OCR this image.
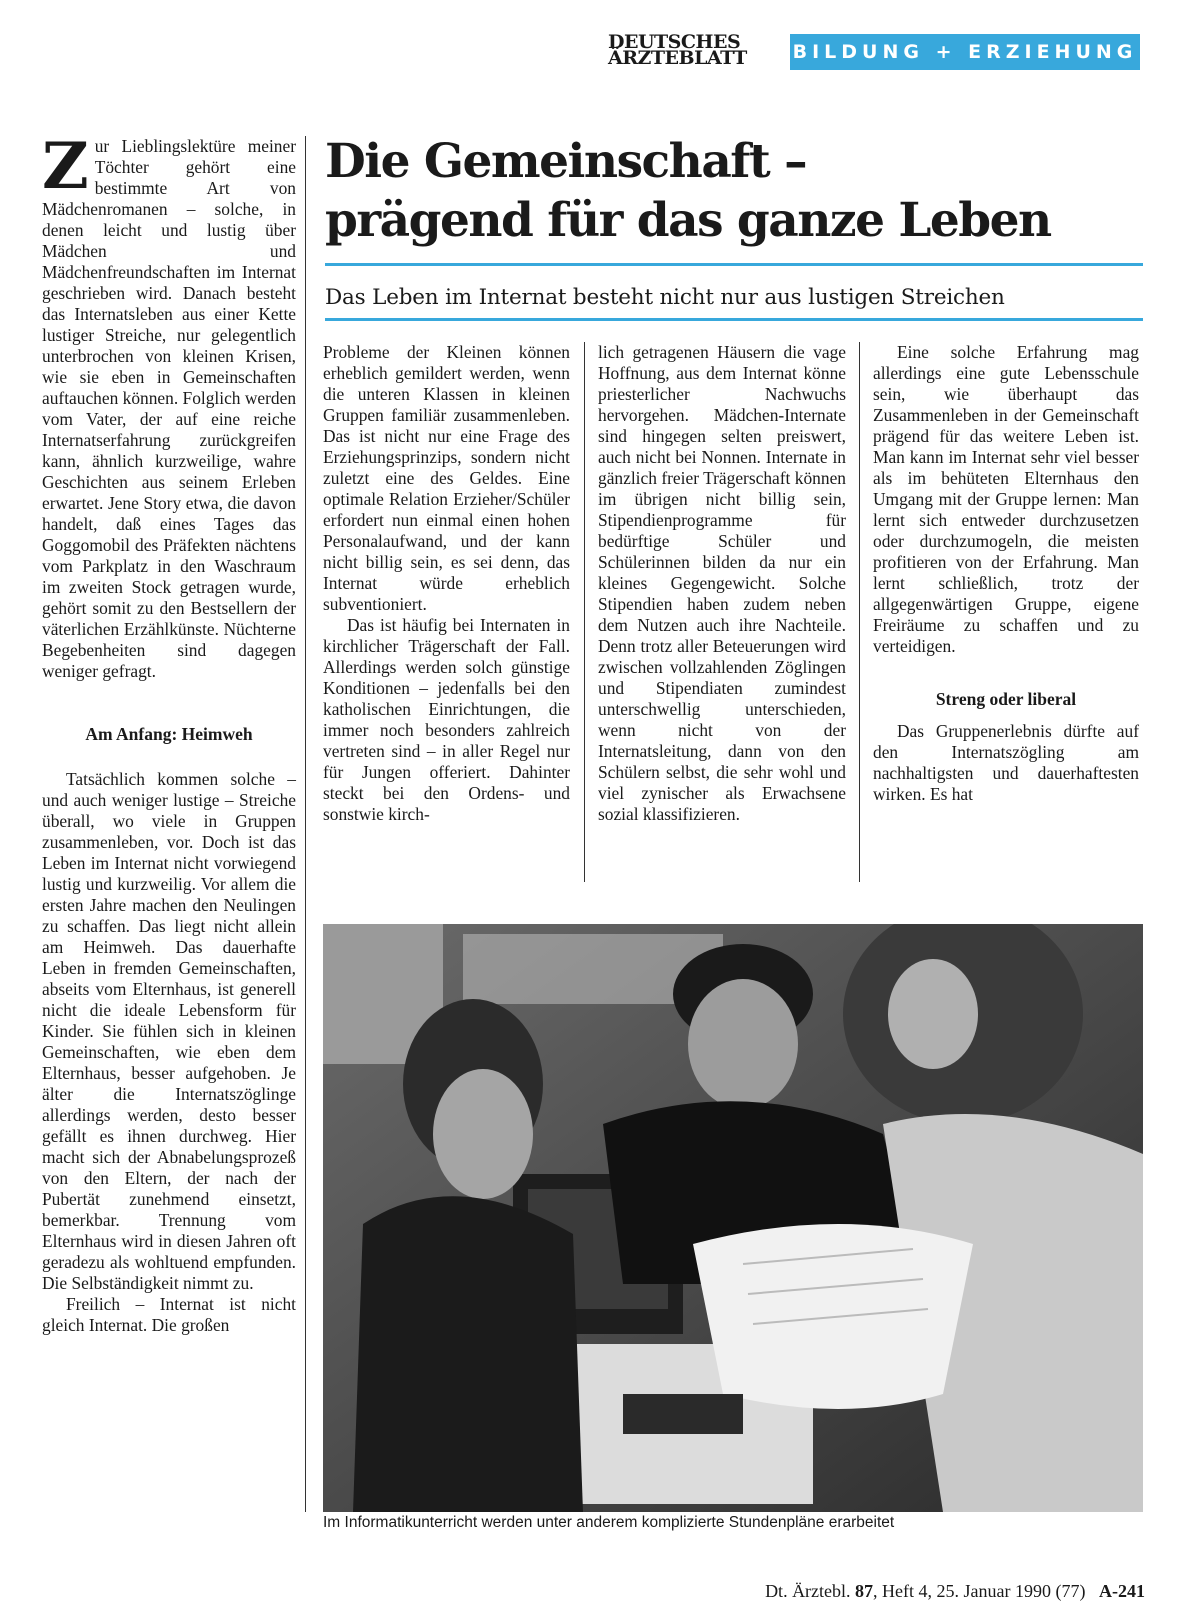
DEUTSCHES
ÄRZTEBLATT	BILDUNG + ERZIEHUNG
Die Gemeinschaft –
prägend für das ganze Leben
Das Leben im Internat besteht nicht nur aus lustigen Streichen

Zur Lieblingslektüre meiner Töchter gehört eine bestimmte Art von Mädchenromanen – solche, in denen leicht und lustig über Mädchen und Mädchenfreundschaften im Internat geschrieben wird. Danach besteht das Internatsleben aus einer Kette lustiger Streiche, nur gelegentlich unterbrochen von kleinen Krisen, wie sie eben in Gemeinschaften auftauchen können. Folglich werden vom Vater, der auf eine reiche Internatserfahrung zurückgreifen kann, ähnlich kurzweilige, wahre Geschichten aus seinem Erleben erwartet. Jene Story etwa, die davon handelt, daß eines Tages das Goggomobil des Präfekten nächtens vom Parkplatz in den Waschraum im zweiten Stock getragen wurde, gehört somit zu den Bestsellern der väterlichen Erzählkünste. Nüchterne Begebenheiten sind dagegen weniger gefragt.

Am Anfang: Heimweh

Tatsächlich kommen solche – und auch weniger lustige – Streiche überall, wo viele in Gruppen zusammenleben, vor. Doch ist das Leben im Internat nicht vorwiegend lustig und kurzweilig. Vor allem die ersten Jahre machen den Neulingen zu schaffen. Das liegt nicht allein am Heimweh. Das dauerhafte Leben in fremden Gemeinschaften, abseits vom Elternhaus, ist generell nicht die ideale Lebensform für Kinder. Sie fühlen sich in kleinen Gemeinschaften, wie eben dem Elternhaus, besser aufgehoben. Je älter die Internatszöglinge allerdings werden, desto besser gefällt es ihnen durchweg. Hier macht sich der Abnabelungsprozeß von den Eltern, der nach der Pubertät zunehmend einsetzt, bemerkbar. Trennung vom Elternhaus wird in diesen Jahren oft geradezu als wohltuend empfunden. Die Selbständigkeit nimmt zu.

Freilich – Internat ist nicht gleich Internat. Die großen

Probleme der Kleinen können erheblich gemildert werden, wenn die unteren Klassen in kleinen Gruppen familiär zusammenleben. Das ist nicht nur eine Frage des Erziehungsprinzips, sondern nicht zuletzt eine des Geldes. Eine optimale Relation Erzieher/Schüler erfordert nun einmal einen hohen Personalaufwand, und der kann nicht billig sein, es sei denn, das Internat würde erheblich subventioniert.

Das ist häufig bei Internaten in kirchlicher Trägerschaft der Fall. Allerdings werden solch günstige Konditionen – jedenfalls bei den katholischen Einrichtungen, die immer noch besonders zahlreich vertreten sind – in aller Regel nur für Jungen offeriert. Dahinter steckt bei den Ordens- und sonstwie kirch-

lich getragenen Häusern die vage Hoffnung, aus dem Internat könne priesterlicher Nachwuchs hervorgehen. Mädchen-Internate sind hingegen selten preiswert, auch nicht bei Nonnen. Internate in gänzlich freier Trägerschaft können im übrigen nicht billig sein, Stipendienprogramme für bedürftige Schüler und Schülerinnen bilden da nur ein kleines Gegengewicht. Solche Stipendien haben zudem neben dem Nutzen auch ihre Nachteile. Denn trotz aller Beteuerungen wird zwischen vollzahlenden Zöglingen und Stipendiaten zumindest unterschwellig unterschieden, wenn nicht von der Internatsleitung, dann von den Schülern selbst, die sehr wohl und viel zynischer als Erwachsene sozial klassifizieren.

Eine solche Erfahrung mag allerdings eine gute Lebensschule sein, wie überhaupt das Zusammenleben in der Gemeinschaft prägend für das weitere Leben ist. Man kann im Internat sehr viel besser als im behüteten Elternhaus den Umgang mit der Gruppe lernen: Man lernt sich entweder durchzusetzen oder durchzumogeln, die meisten profitieren von der Erfahrung. Man lernt schließlich, trotz der allgegenwärtigen Gruppe, eigene Freiräume zu schaffen und zu verteidigen.

Streng oder liberal

Das Gruppenerlebnis dürfte auf den Internatszögling am nachhaltigsten und dauerhaftesten wirken. Es hat

Im Informatikunterricht werden unter anderem komplizierte Stundenpläne erarbeitet
Dt. Ärztebl. 87, Heft 4, 25. Januar 1990 (77) A-241
